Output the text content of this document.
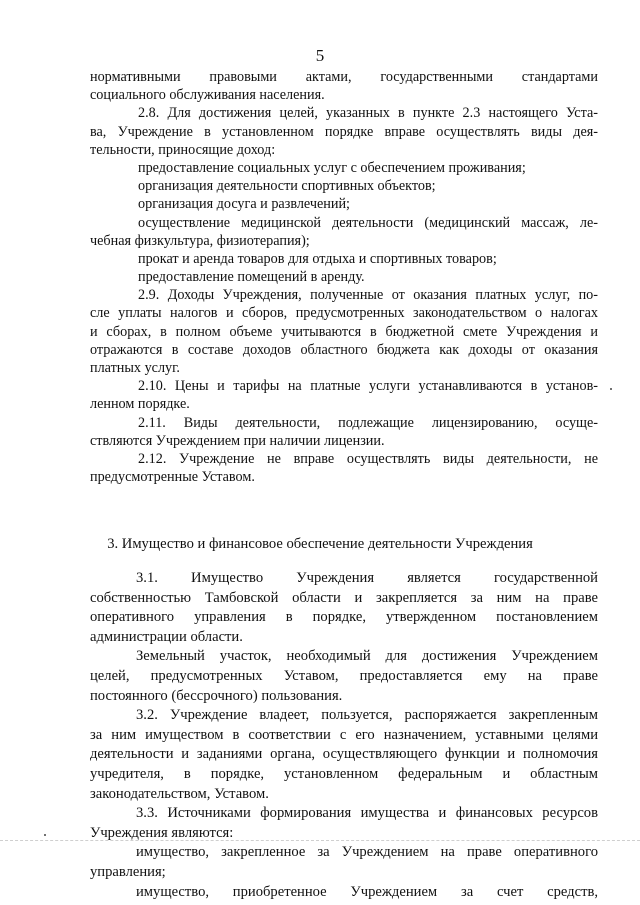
5
нормативными правовыми актами, государственными стандартами
социального обслуживания населения.
2.8. Для достижения целей, указанных в пункте 2.3 настоящего Уста-
ва, Учреждение в установленном порядке вправе осуществлять виды дея-
тельности, приносящие доход:
предоставление социальных услуг с обеспечением проживания;
организация деятельности спортивных объектов;
организация досуга и развлечений;
осуществление медицинской деятельности (медицинский массаж, ле-
чебная физкультура, физиотерапия);
прокат и аренда товаров для отдыха и спортивных товаров;
предоставление помещений в аренду.
2.9. Доходы Учреждения, полученные от оказания платных услуг, по-
сле уплаты налогов и сборов, предусмотренных законодательством о налогах
и сборах, в полном объеме учитываются в бюджетной смете Учреждения и
отражаются в составе доходов областного бюджета как доходы от оказания
платных услуг.
2.10. Цены и тарифы на платные услуги устанавливаются в установ-
ленном порядке.
2.11. Виды деятельности, подлежащие лицензированию, осуще-
ствляются Учреждением при наличии лицензии.
2.12. Учреждение не вправе осуществлять виды деятельности, не
предусмотренные Уставом.
3. Имущество и финансовое обеспечение деятельности Учреждения
3.1. Имущество Учреждения является государственной
собственностью Тамбовской области и закрепляется за ним на праве
оперативного управления в порядке, утвержденном постановлением
администрации области.
Земельный участок, необходимый для достижения Учреждением
целей, предусмотренных Уставом, предоставляется ему на праве
постоянного (бессрочного) пользования.
3.2. Учреждение владеет, пользуется, распоряжается закрепленным
за ним имуществом в соответствии с его назначением, уставными целями
деятельности и заданиями органа, осуществляющего функции и полномочия
учредителя, в порядке, установленном федеральным и областным
законодательством, Уставом.
3.3. Источниками формирования имущества и финансовых ресурсов
Учреждения являются:
имущество, закрепленное за Учреждением на праве оперативного
управления;
имущество, приобретенное Учреждением за счет средств,
